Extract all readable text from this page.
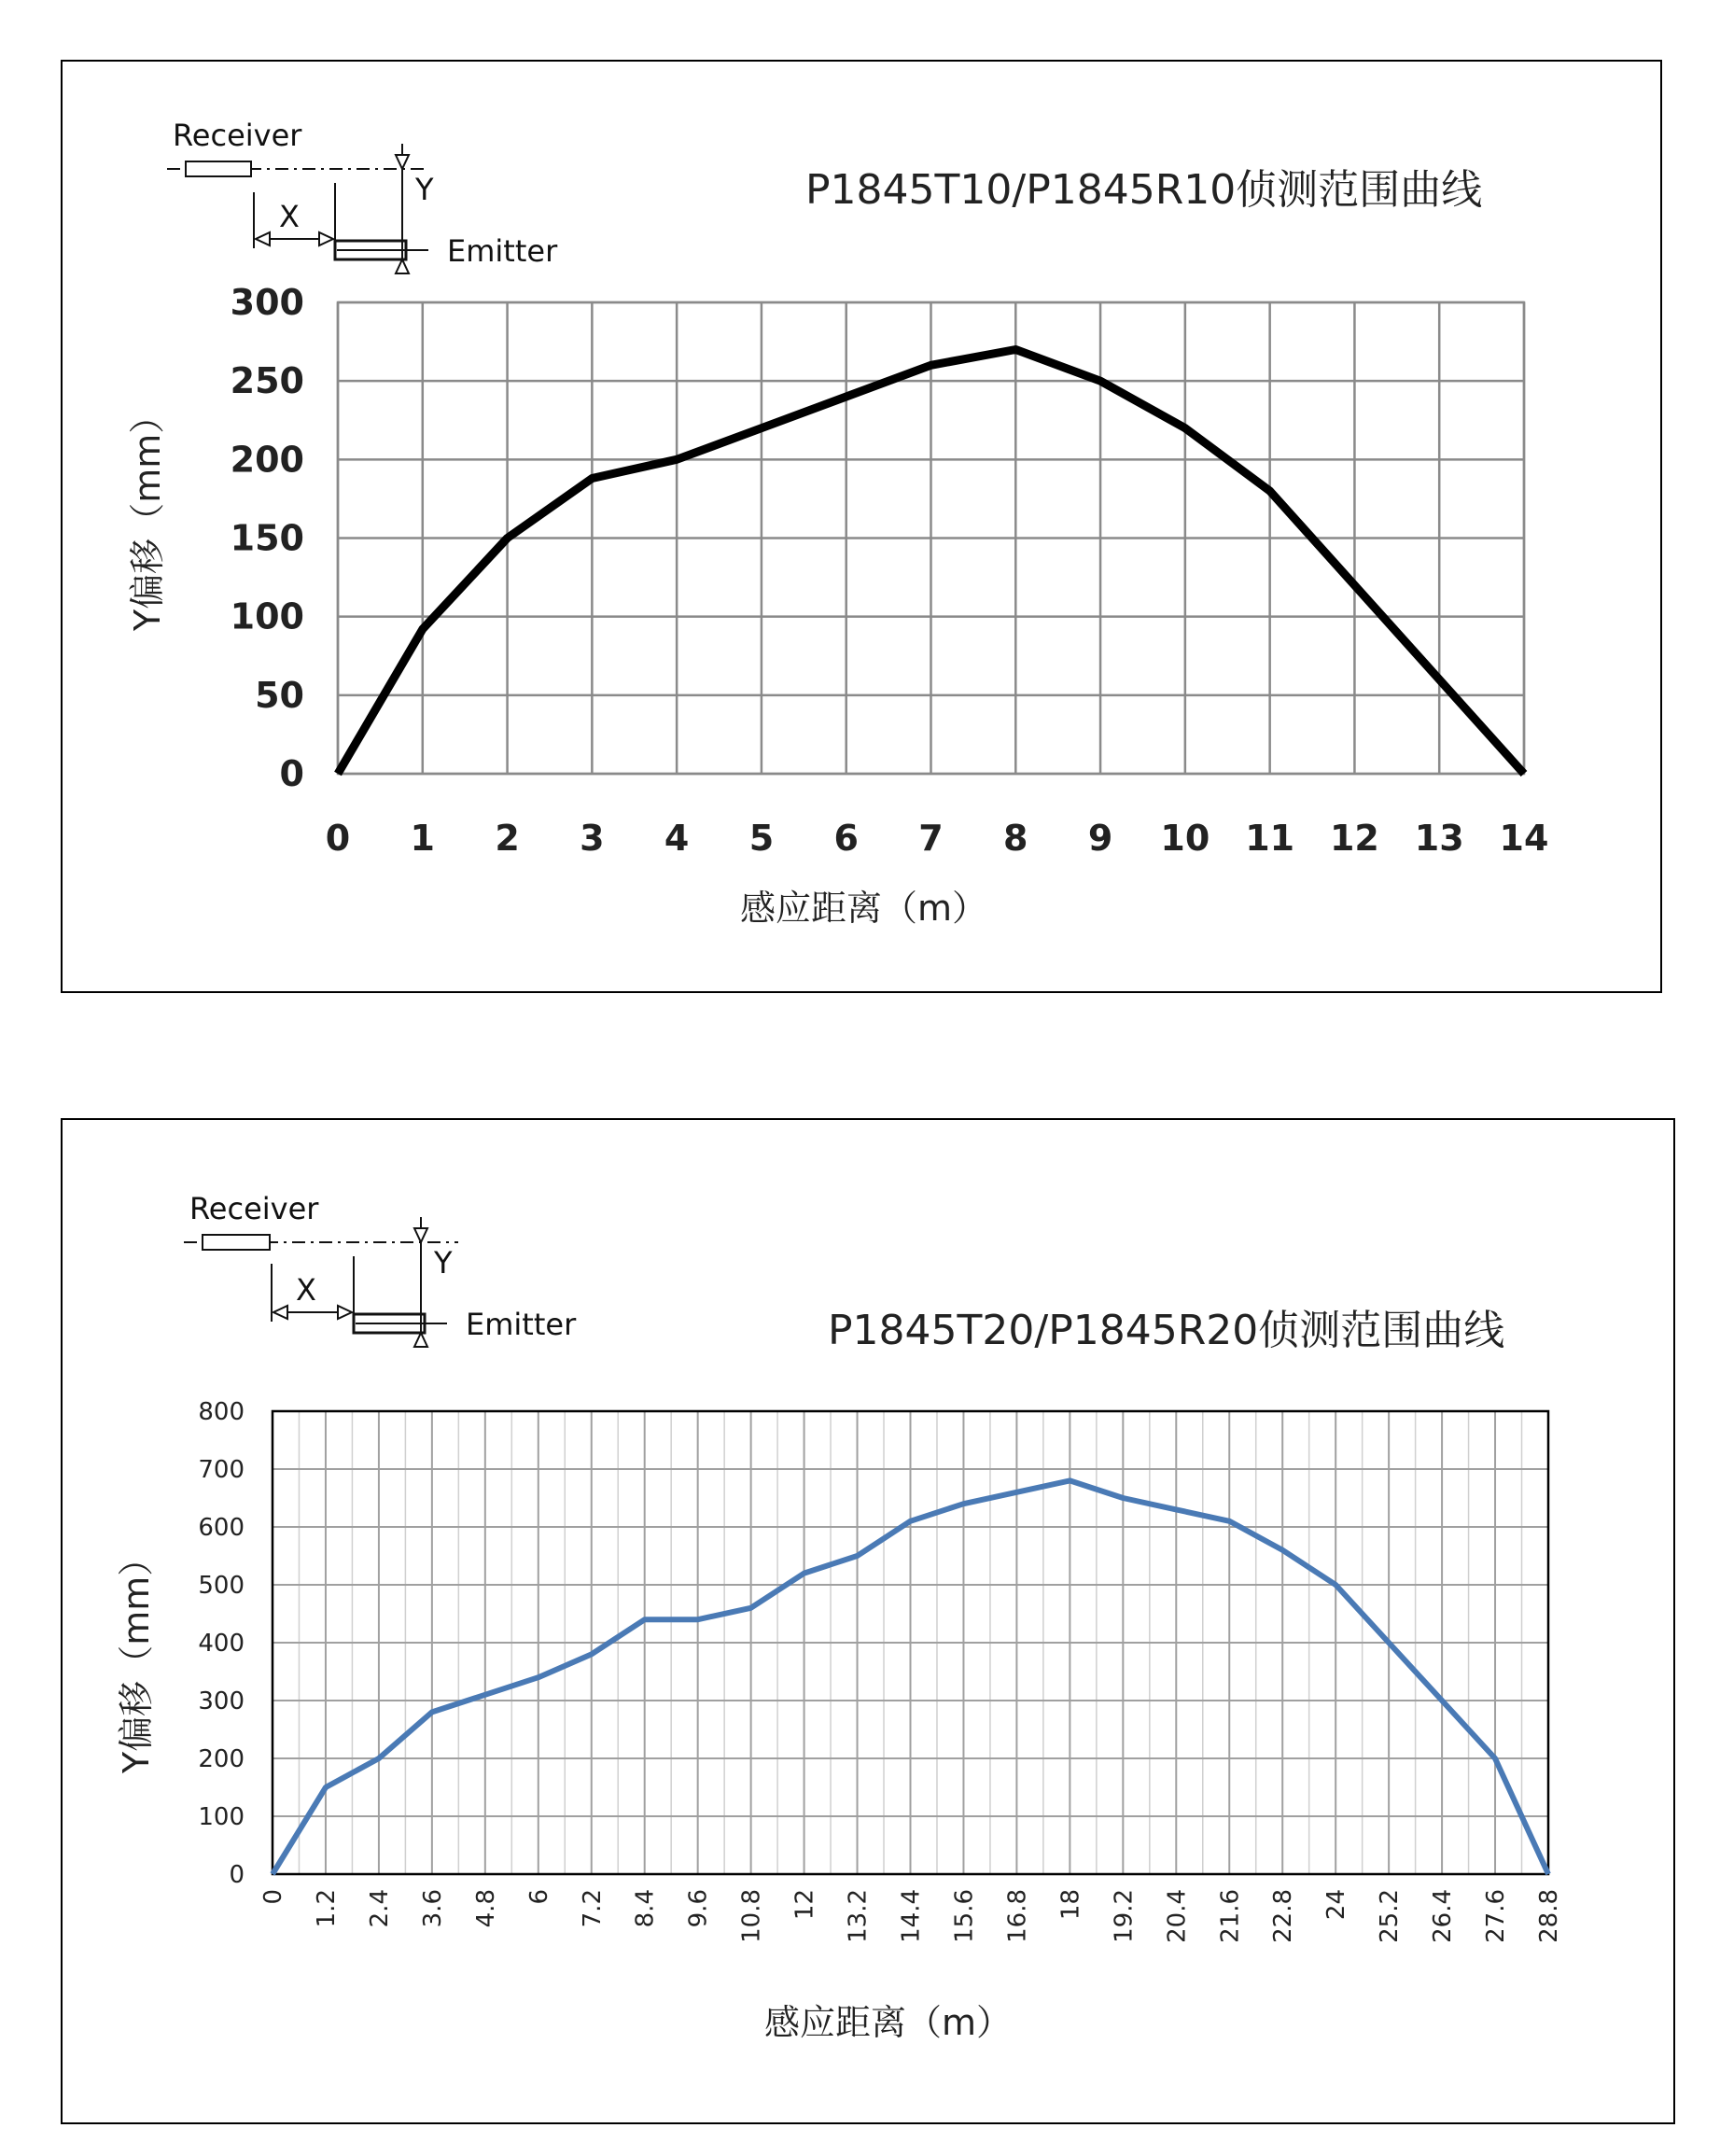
Receiver
X
Y
Emitter
P1845T10/P1845R10侦测范围曲线
0
50
100
150
200
250
300
0 1 2 3 4 5 6 7 8 9 10 11 12 13 14
感应距离（m）
Y偏移（mm）
Receiver
X
Y
Emitter	P1845T20/P1845R20侦测范围曲线
0
100
200
300
400
500
600
700
800
0 1.2 2.4 3.6 4.8 6 7.2 8.4 9.6 10.8 12 13.2 14.4 15.6 16.8 18 19.2 20.4 21.6 22.8 24 25.2 26.4 27.6 28.8
感应距离（m）
Y偏移（mm）
